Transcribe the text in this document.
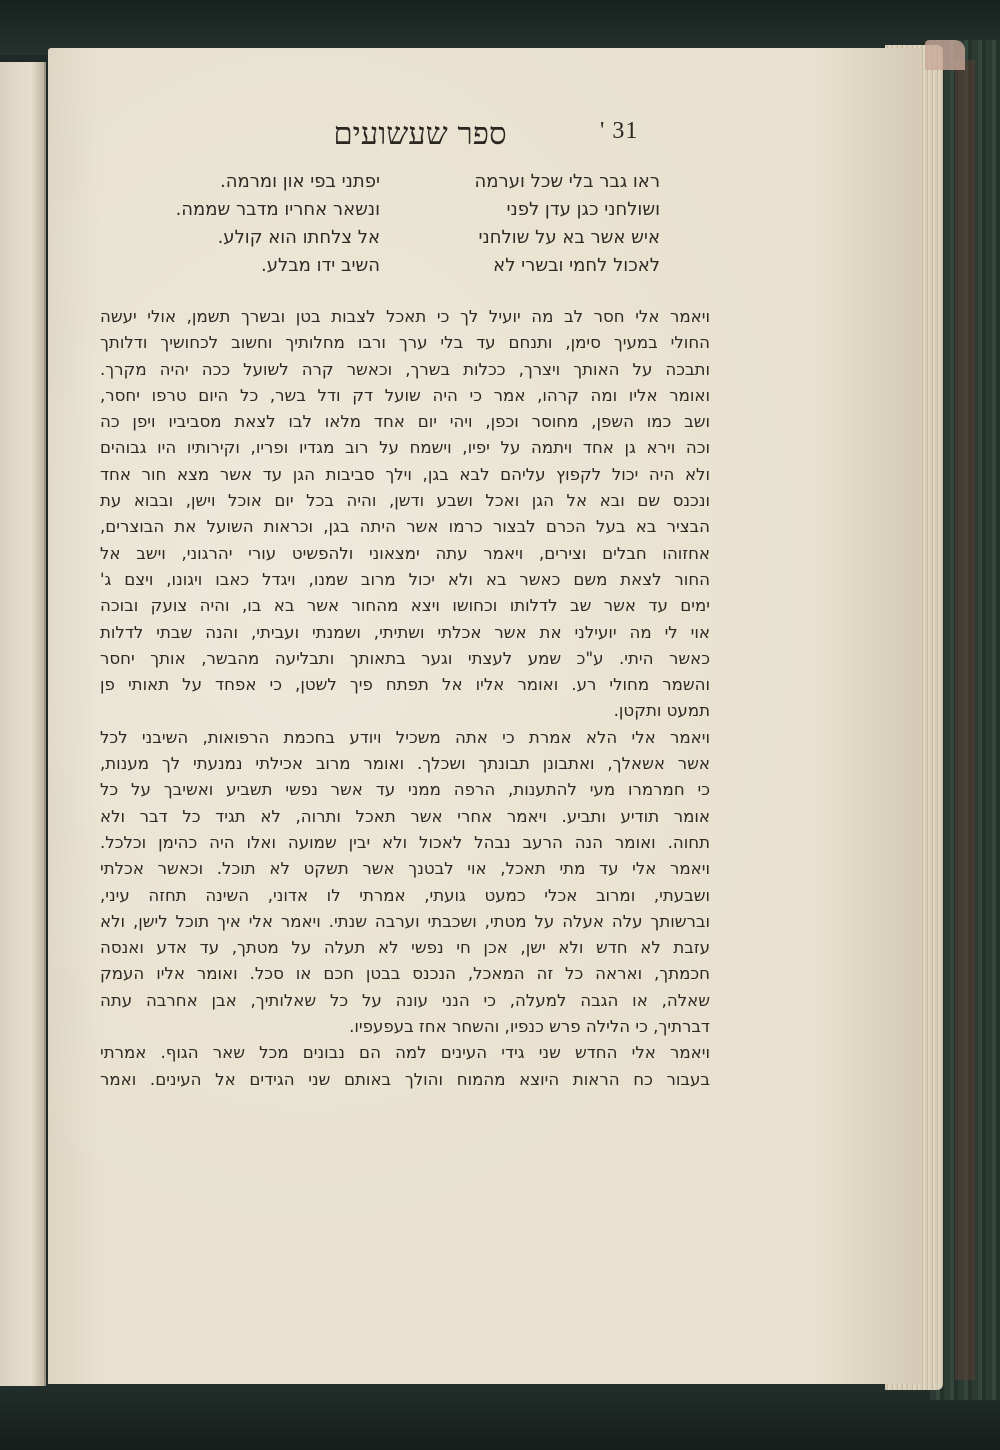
ספר שעשועים	' 31
ראו גבר בלי שכל וערמה
ושולחני כגן עדן לפני
איש אשר בא על שולחני
לאכול לחמי ובשרי לא
יפתני בפי און ומרמה.
ונשאר אחריו מדבר שממה.
אל צלחתו הוא קולע.
השיב ידו מבלע.
ויאמר אלי חסר לב מה יועיל לך כי תאכל לצבות בטן ובשרך תשמן, אולי יעשה
החולי במעיך סימן, ותנחם עד בלי ערך ורבו מחלותיך וחשוב לכחושיך ודלותך
ותבכה על האותך ויצרך, ככלות בשרך, וכאשר קרה לשועל ככה יהיה מקרך.
ואומר אליו ומה קרהו, אמר כי היה שועל דק ודל בשר, כל היום טרפו יחסר,
ושב כמו השפן, מחוסר וכפן, ויהי יום אחד מלאו לבו לצאת מסביביו ויפן כה
וכה וירא גן אחד ויתמה על יפיו, וישמח על רוב מגדיו ופריו, וקירותיו היו גבוהים
ולא היה יכול לקפוץ עליהם לבא בגן, וילך סביבות הגן עד אשר מצא חור אחד
ונכנס שם ובא אל הגן ואכל ושבע ודשן, והיה בכל יום אוכל וישן, ובבוא עת
הבציר בא בעל הכרם לבצור כרמו אשר היתה בגן, וכראות השועל את הבוצרים,
אחזוהו חבלים וצירים, ויאמר עתה ימצאוני ולהפשיט עורי יהרגוני, וישב אל
החור לצאת משם כאשר בא ולא יכול מרוב שמנו, ויגדל כאבו ויגונו, ויצם ג'
ימים עד אשר שב לדלותו וכחושו ויצא מהחור אשר בא בו, והיה צועק ובוכה
אוי לי מה יועילני את אשר אכלתי ושתיתי, ושמנתי ועביתי, והנה שבתי לדלות
כאשר היתי. ע"כ שמע לעצתי וגער בתאותך ותבליעה מהבשר, אותך יחסר
והשמר מחולי רע. ואומר אליו אל תפתח פיך לשטן, כי אפחד על תאותי פן
תמעט ותקטן.
ויאמר אלי הלא אמרת כי אתה משכיל ויודע בחכמת הרפואות, השיבני לכל
אשר אשאלך, ואתבונן תבונתך ושכלך. ואומר מרוב אכילתי נמנעתי לך מענות,
כי חמרמרו מעי להתענות, הרפה ממני עד אשר נפשי תשביע ואשיבך על כל
אומר תודיע ותביע. ויאמר אחרי אשר תאכל ותרוה, לא תגיד כל דבר ולא
תחוה. ואומר הנה הרעב נבהל לאכול ולא יבין שמועה ואלו היה כהימן וכלכל.
ויאמר אלי עד מתי תאכל, אוי לבטנך אשר תשקט לא תוכל. וכאשר אכלתי
ושבעתי, ומרוב אכלי כמעט גועתי, אמרתי לו אדוני, השינה תחזה עיני,
וברשותך עלה אעלה על מטתי, ושכבתי וערבה שנתי. ויאמר אלי איך תוכל לישן, ולא
עזבת לא חדש ולא ישן, אכן חי נפשי לא תעלה על מטתך, עד אדע ואנסה
חכמתך, ואראה כל זה המאכל, הנכנס בבטן חכם או סכל. ואומר אליו העמק
שאלה, או הגבה למעלה, כי הנני עונה על כל שאלותיך, אבן אחרבה עתה
דברתיך, כי הלילה פרש כנפיו, והשחר אחז בעפעפיו.
ויאמר אלי החדש שני גידי העינים למה הם נבונים מכל שאר הגוף. אמרתי
בעבור כח הראות היוצא מהמוח והולך באותם שני הגידים אל העינים. ואמר
